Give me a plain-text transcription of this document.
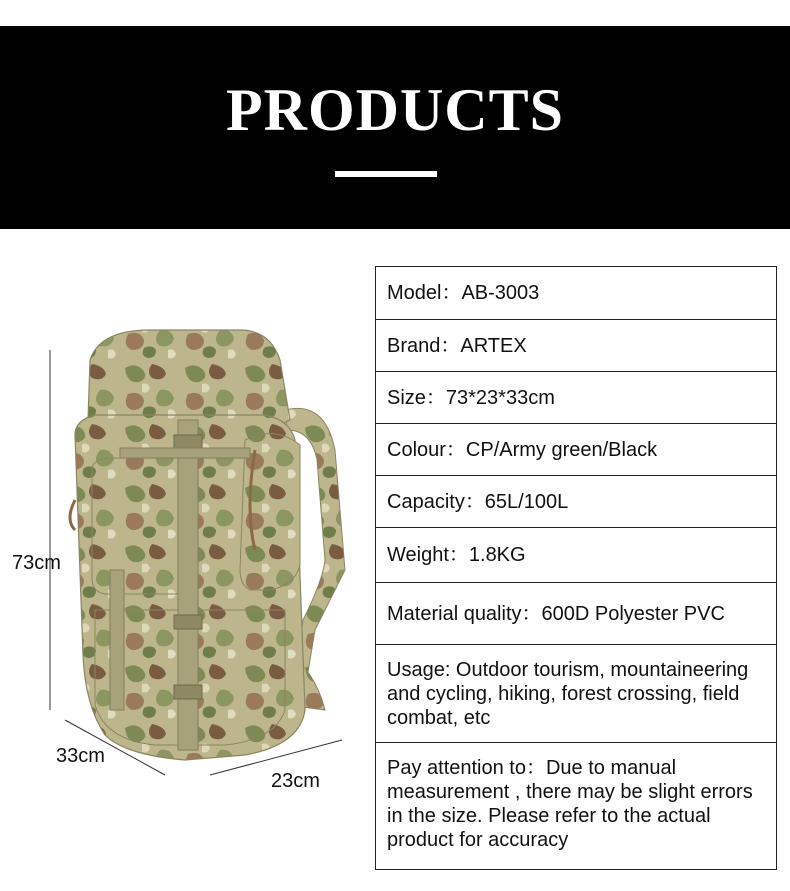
PRODUCTS
73cm
33cm
23cm
Model：AB-3003
Brand：ARTEX
Size：73*23*33cm
Colour：CP/Army green/Black
Capacity：65L/100L
Weight：1.8KG
Material quality：600D Polyester PVC
Usage: Outdoor tourism, mountaineering and cycling, hiking, forest crossing, field combat, etc
Pay attention to：Due to manual measurement , there may be slight errors in the size. Please refer to the actual product for accuracy
